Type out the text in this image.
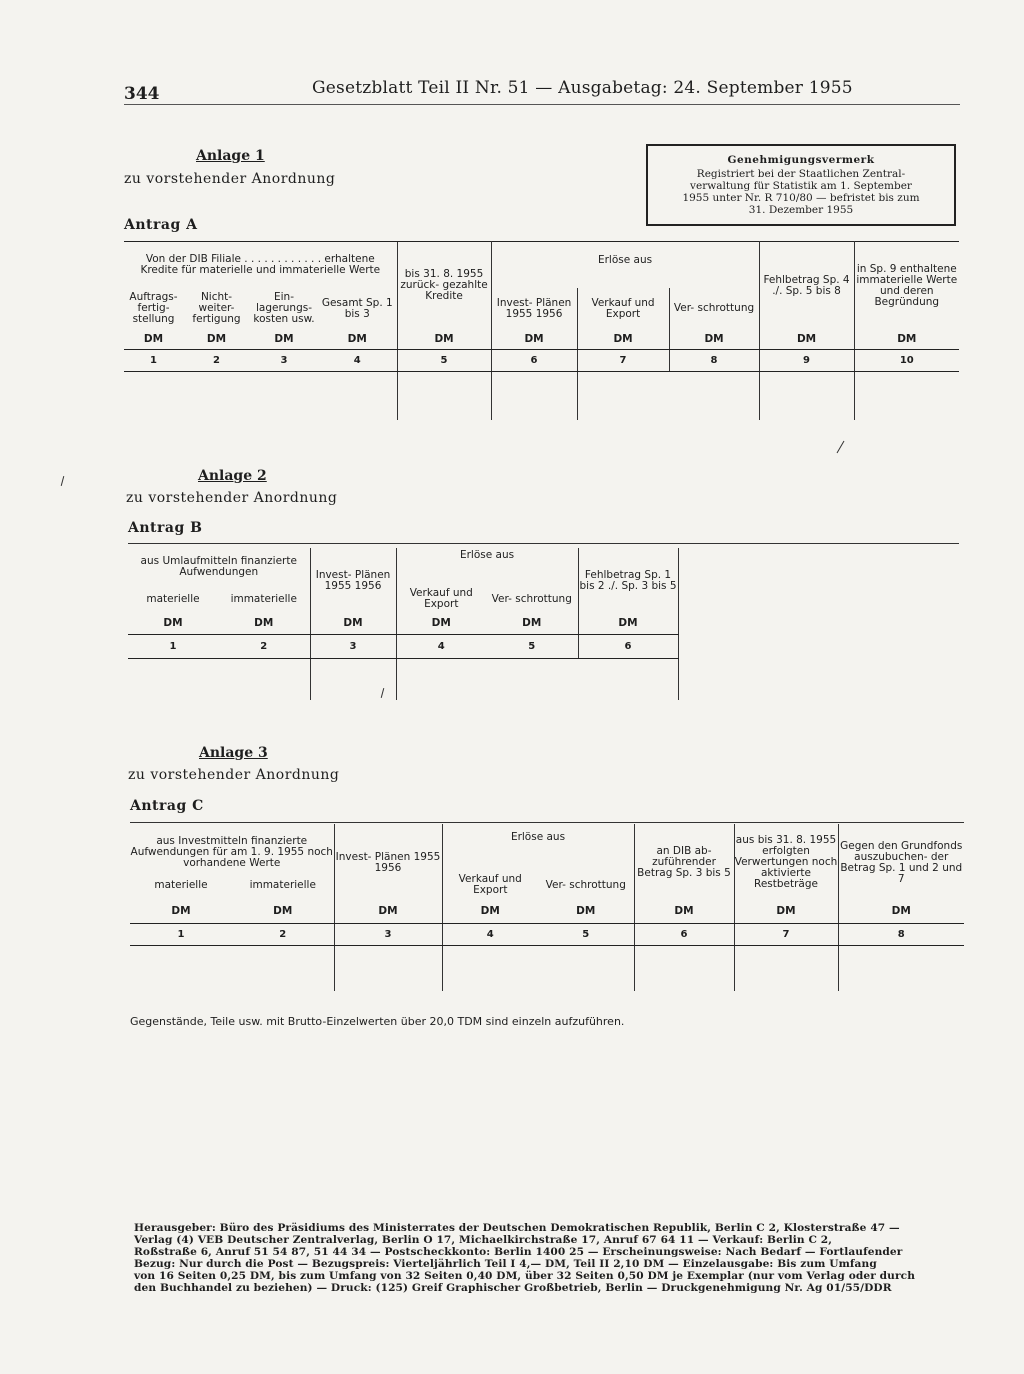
344	Gesetzblatt Teil II Nr. 51 — Ausgabetag: 24. September 1955
Anlage 1
zu vorstehender Anordnung
Antrag A
Genehmigungsvermerk
Registriert bei der Staatlichen Zentral-
verwaltung für Statistik am 1. September
1955 unter Nr. R 710/80 — befristet bis zum
31. Dezember 1955
Von der DIB Filiale . . . . . . . . . . . . erhaltene Kredite für materielle und immaterielle Werte				bis 31. 8. 1955 zurück- gezahlte Kredite	Erlöse aus			Fehlbetrag Sp. 4 ./. Sp. 5 bis 8	in Sp. 9 enthaltene immaterielle Werte und deren Begründung
Auftrags- fertig- stellung	Nicht- weiter- fertigung	Ein- lagerungs- kosten usw.	Gesamt Sp. 1 bis 3		Invest- Plänen 1955 1956	Verkauf und Export	Ver- schrottung		
DM	DM	DM	DM	DM	DM	DM	DM	DM	DM
1	2	3	4	5	6	7	8	9	10

Anlage 2
zu vorstehender Anordnung
Antrag B
aus Umlaufmitteln finanzierte Aufwendungen		Invest- Plänen 1955 1956	Erlöse aus		Fehlbetrag Sp. 1 bis 2 ./. Sp. 3 bis 5
materielle	immaterielle		Verkauf und Export	Ver- schrottung	
DM	DM	DM	DM	DM	DM
1	2	3	4	5	6

Anlage 3
zu vorstehender Anordnung
Antrag C
aus Investmitteln finanzierte Aufwendungen für am 1. 9. 1955 noch vorhandene Werte		Invest- Plänen 1955 1956	Erlöse aus		an DIB ab- zuführender Betrag Sp. 3 bis 5	aus bis 31. 8. 1955 erfolgten Verwertungen noch aktivierte Restbeträge	Gegen den Grundfonds auszubuchen- der Betrag Sp. 1 und 2 und 7
materielle	immaterielle		Verkauf und Export	Ver- schrottung			
DM	DM	DM	DM	DM	DM	DM	DM
1	2	3	4	5	6	7	8

Gegenstände, Teile usw. mit Brutto-Einzelwerten über 20,0 TDM sind einzeln aufzuführen.
Herausgeber: Büro des Präsidiums des Ministerrates der Deutschen Demokratischen Republik, Berlin C 2, Klosterstraße 47 —
Verlag (4) VEB Deutscher Zentralverlag, Berlin O 17, Michaelkirchstraße 17, Anruf 67 64 11 — Verkauf: Berlin C 2,
Roßstraße 6, Anruf 51 54 87, 51 44 34 — Postscheckkonto: Berlin 1400 25 — Erscheinungsweise: Nach Bedarf — Fortlaufender
Bezug: Nur durch die Post — Bezugspreis: Vierteljährlich Teil I 4,— DM, Teil II 2,10 DM — Einzelausgabe: Bis zum Umfang
von 16 Seiten 0,25 DM, bis zum Umfang von 32 Seiten 0,40 DM, über 32 Seiten 0,50 DM je Exemplar (nur vom Verlag oder durch
den Buchhandel zu beziehen) — Druck: (125) Greif Graphischer Großbetrieb, Berlin — Druckgenehmigung Nr. Ag 01/55/DDR
